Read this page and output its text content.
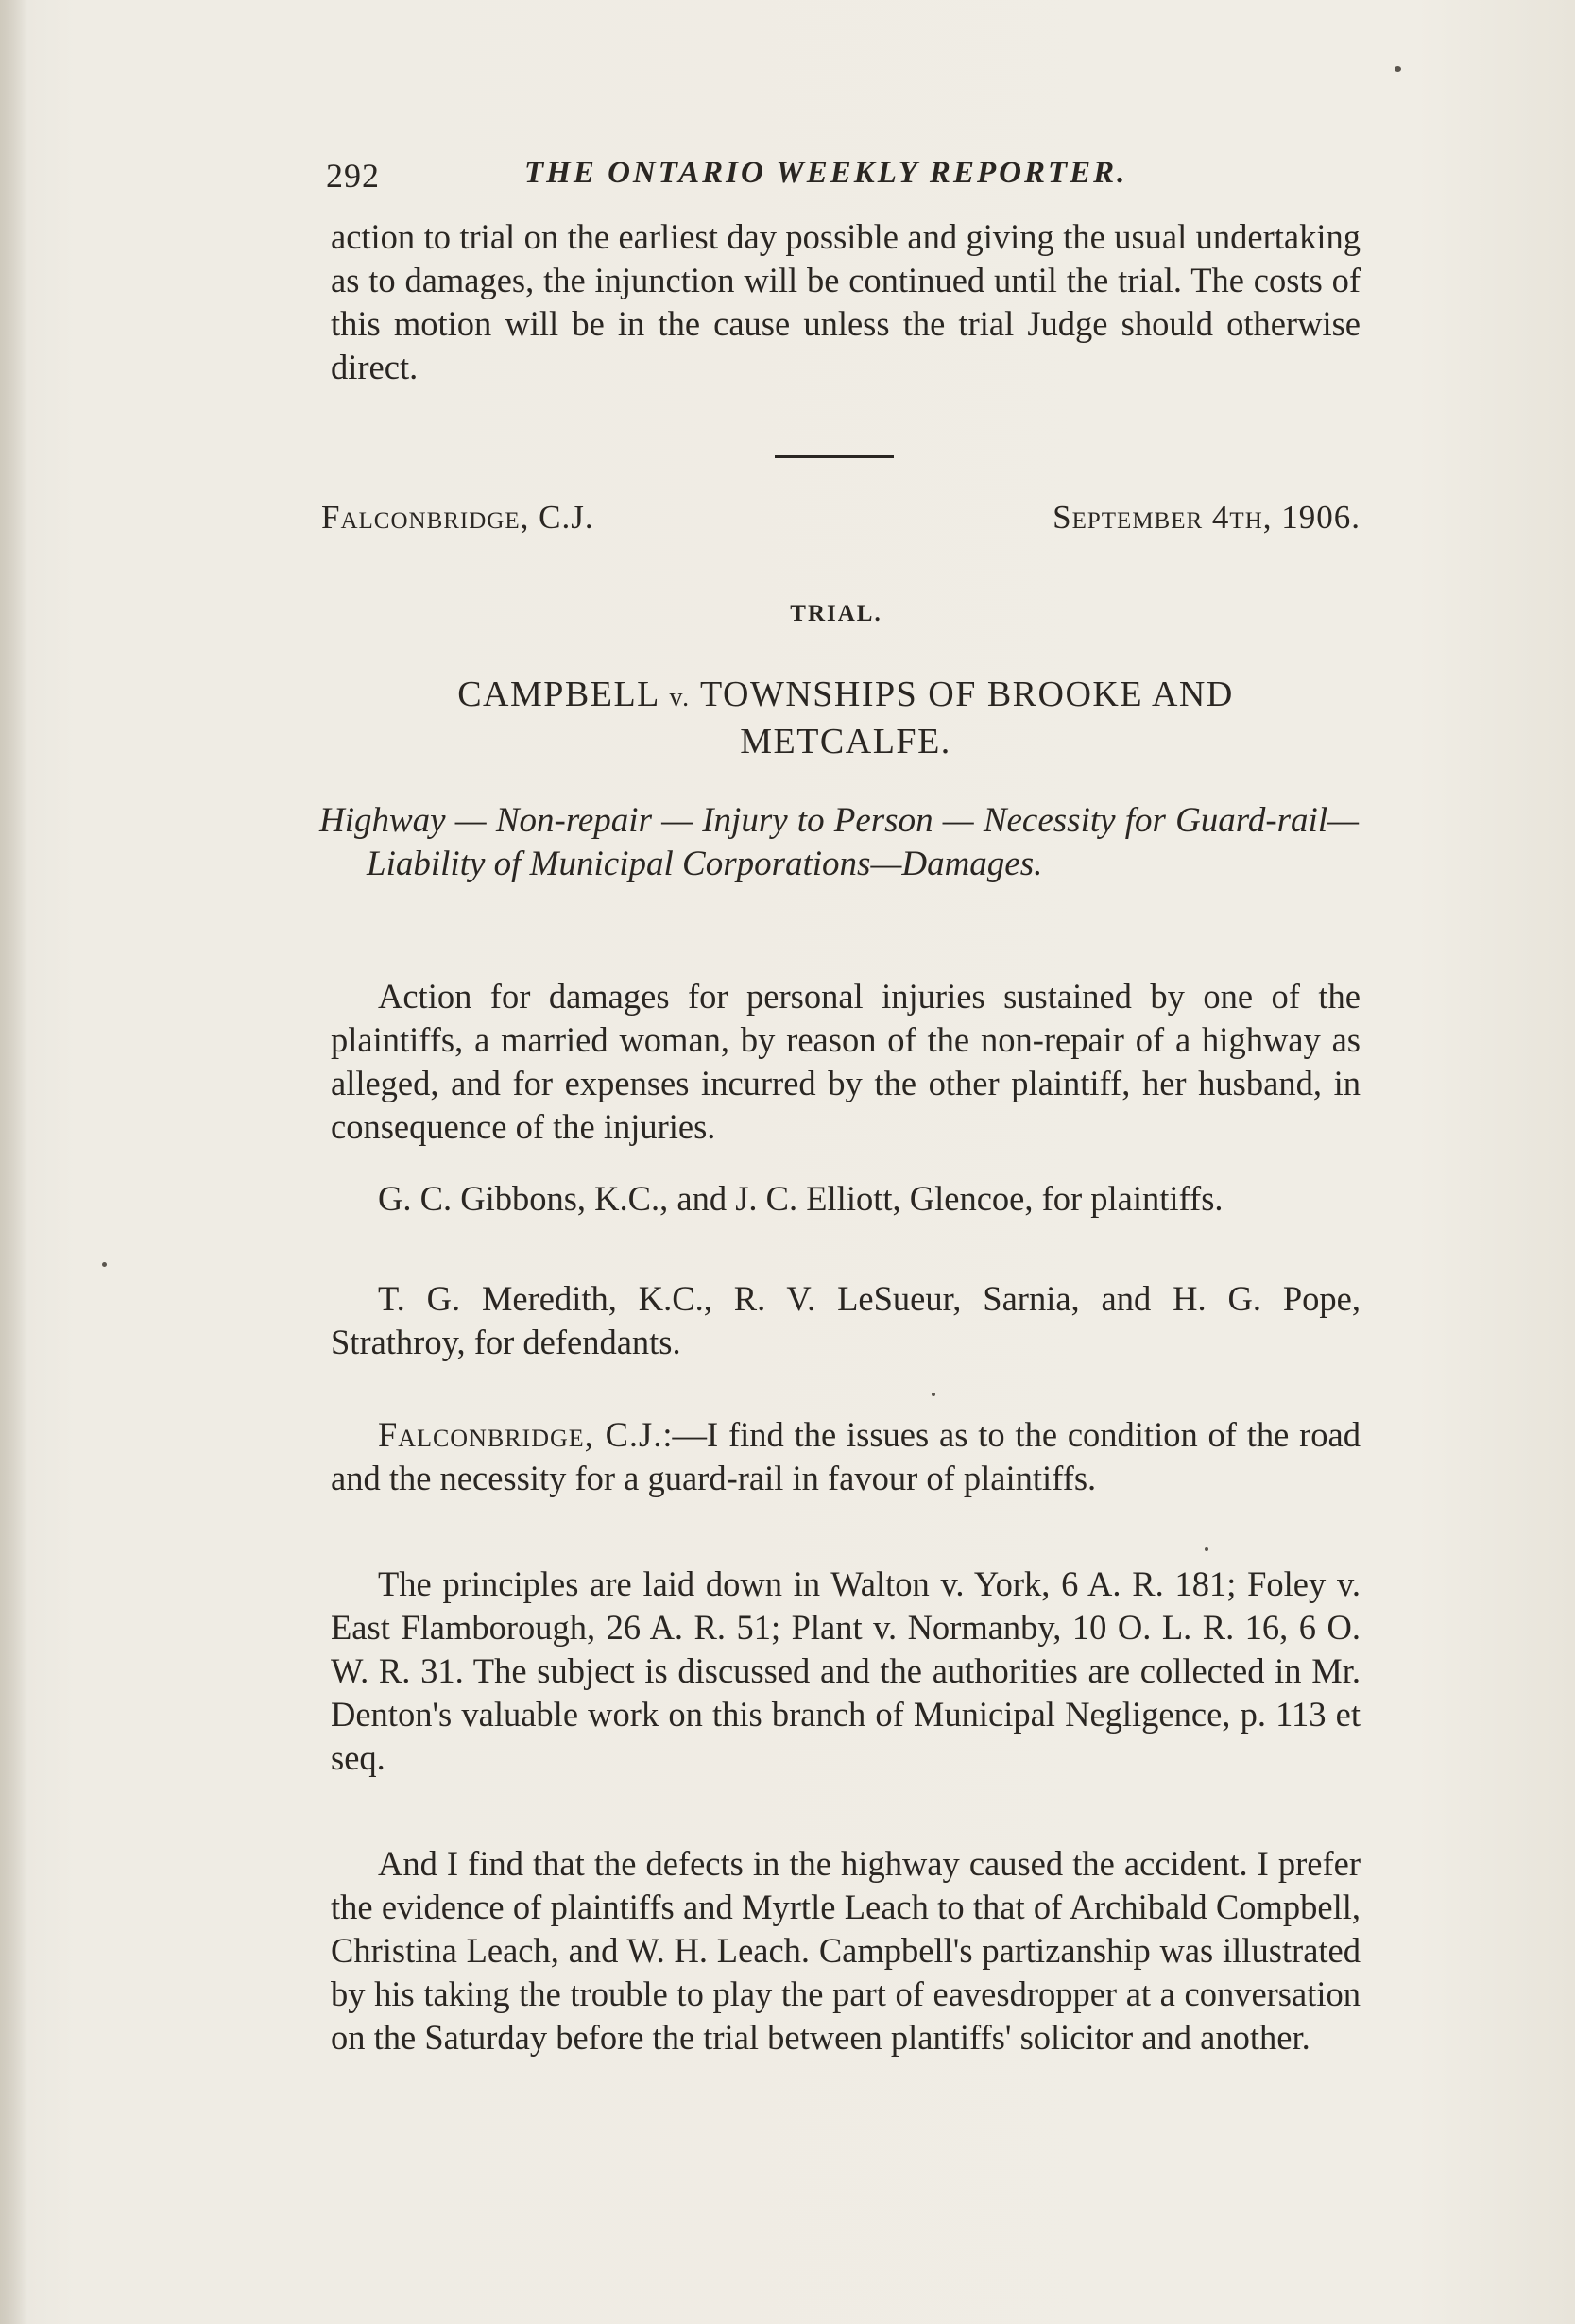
292	THE ONTARIO WEEKLY REPORTER.

action to trial on the earliest day possible and giving the usual undertaking as to damages, the injunction will be continued until the trial. The costs of this motion will be in the cause unless the trial Judge should otherwise direct.

Falconbridge, C.J.	September 4th, 1906.
TRIAL.
CAMPBELL v. TOWNSHIPS OF BROOKE AND METCALFE.

Highway — Non-repair — Injury to Person — Necessity for Guard-rail—Liability of Municipal Corporations—Damages.

Action for damages for personal injuries sustained by one of the plaintiffs, a married woman, by reason of the non-repair of a highway as alleged, and for expenses incurred by the other plaintiff, her husband, in consequence of the injuries.

G. C. Gibbons, K.C., and J. C. Elliott, Glencoe, for plaintiffs.

T. G. Meredith, K.C., R. V. LeSueur, Sarnia, and H. G. Pope, Strathroy, for defendants.

Falconbridge, C.J.:—I find the issues as to the condition of the road and the necessity for a guard-rail in favour of plaintiffs.

The principles are laid down in Walton v. York, 6 A. R. 181; Foley v. East Flamborough, 26 A. R. 51; Plant v. Normanby, 10 O. L. R. 16, 6 O. W. R. 31. The subject is discussed and the authorities are collected in Mr. Denton's valuable work on this branch of Municipal Negligence, p. 113 et seq.

And I find that the defects in the highway caused the accident. I prefer the evidence of plaintiffs and Myrtle Leach to that of Archibald Compbell, Christina Leach, and W. H. Leach. Campbell's partizanship was illustrated by his taking the trouble to play the part of eavesdropper at a conversation on the Saturday before the trial between plantiffs' solicitor and another.
